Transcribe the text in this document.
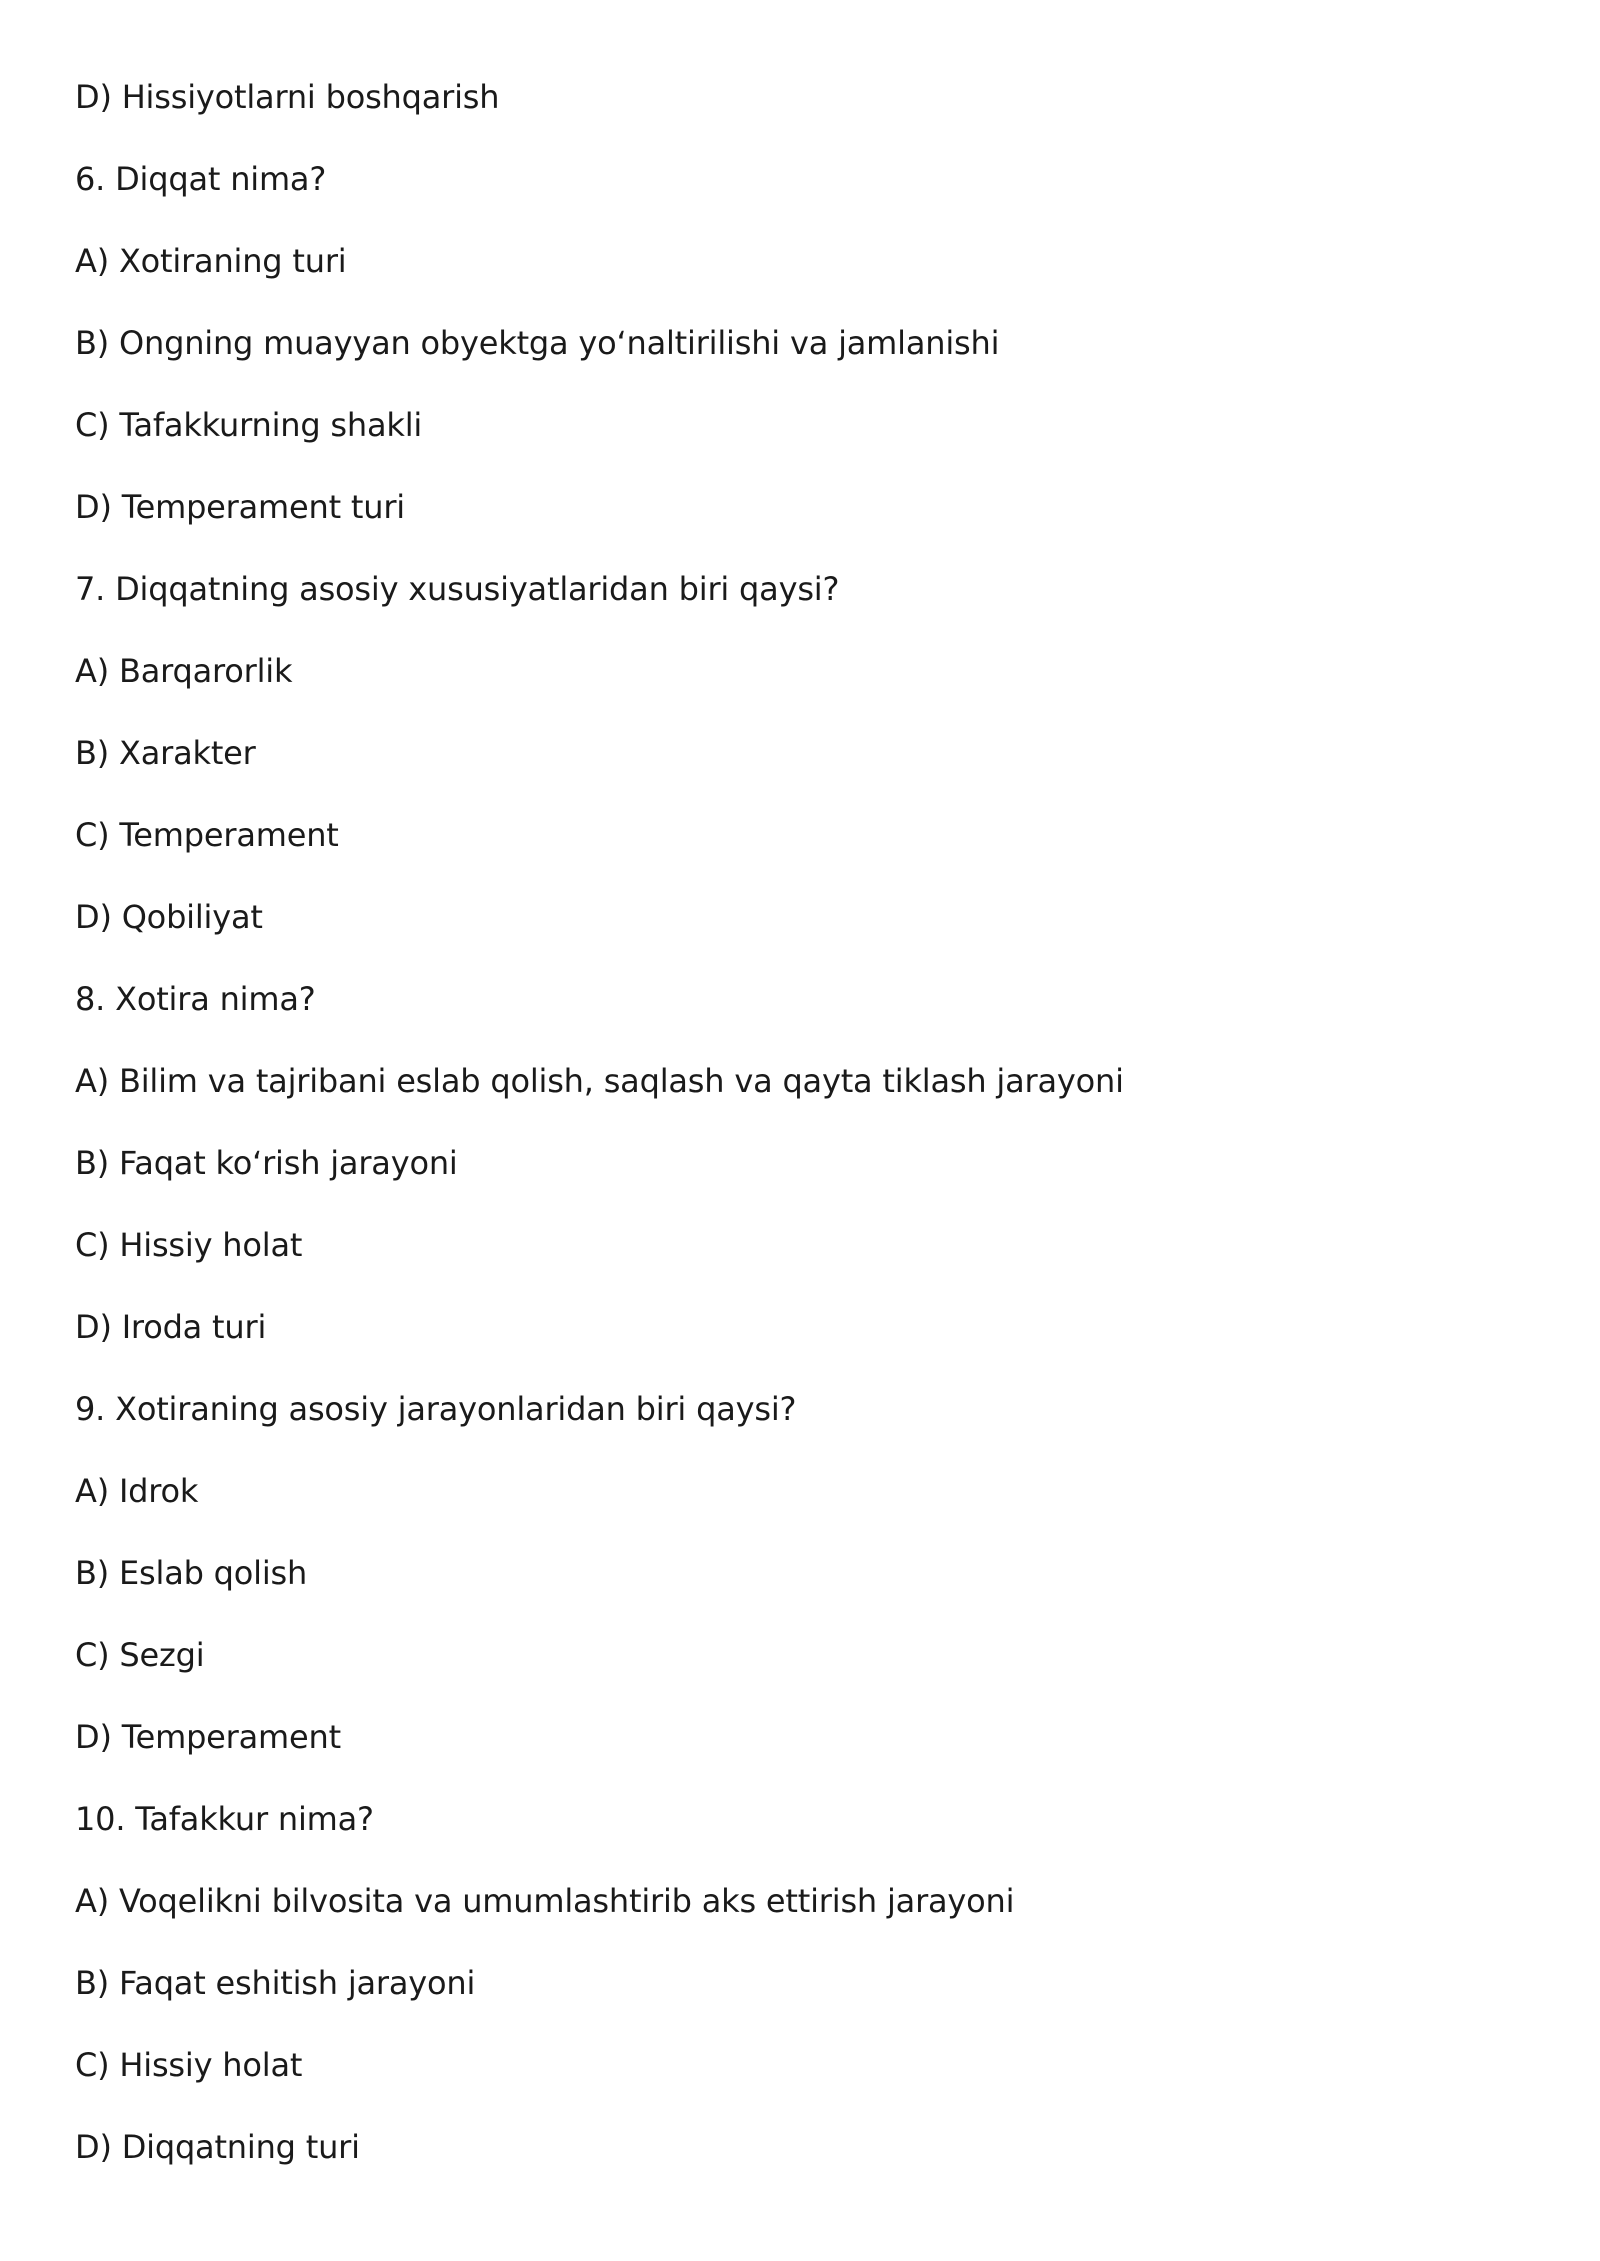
D) Hissiyotlarni boshqarish

6. Diqqat nima?

A) Xotiraning turi

B) Ongning muayyan obyektga yo‘naltirilishi va jamlanishi

C) Tafakkurning shakli

D) Temperament turi

7. Diqqatning asosiy xususiyatlaridan biri qaysi?

A) Barqarorlik

B) Xarakter

C) Temperament

D) Qobiliyat

8. Xotira nima?

A) Bilim va tajribani eslab qolish, saqlash va qayta tiklash jarayoni

B) Faqat ko‘rish jarayoni

C) Hissiy holat

D) Iroda turi

9. Xotiraning asosiy jarayonlaridan biri qaysi?

A) Idrok

B) Eslab qolish

C) Sezgi

D) Temperament

10. Tafakkur nima?

A) Voqelikni bilvosita va umumlashtirib aks ettirish jarayoni

B) Faqat eshitish jarayoni

C) Hissiy holat

D) Diqqatning turi
